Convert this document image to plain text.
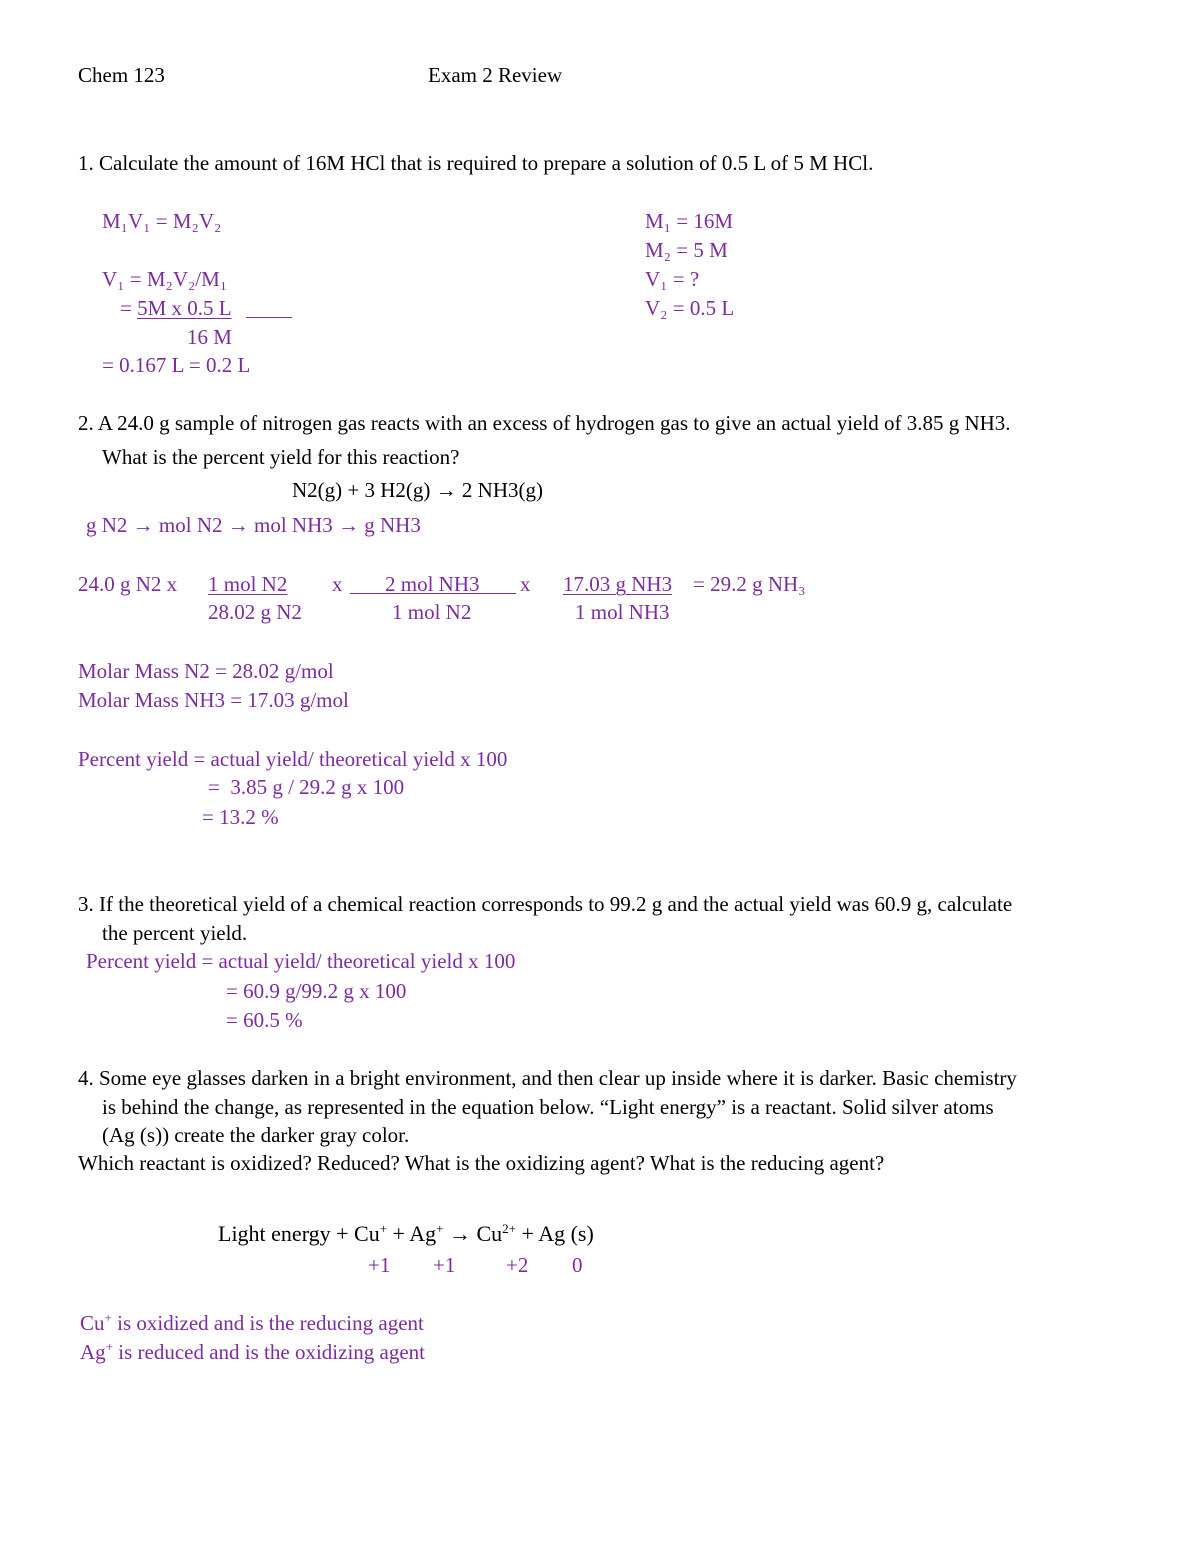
Chem 123	Exam 2 Review
1. Calculate the amount of 16M HCl that is required to prepare a solution of 0.5 L of 5 M HCl.
M₁V₁ = M₂V₂
V₁ = M₂V₂/M₁
= 5M x 0.5 L
16 M
= 0.167 L = 0.2 L
M₁ = 16M
M₂ = 5 M
V₁ = ?
V₂ = 0.5 L
2. A 24.0 g sample of nitrogen gas reacts with an excess of hydrogen gas to give an actual yield of 3.85 g NH3.
What is the percent yield for this reaction?
N2(g) + 3 H2(g) → 2 NH3(g)
g N2 → mol N2 → mol NH3 → g NH3
24.0 g N2 x 1 mol N2
28.02 g N2
x 2 mol NH3
1 mol N2
x 17.03 g NH3
1 mol NH3
= 29.2 g NH₃
Molar Mass N2 = 28.02 g/mol
Molar Mass NH3 = 17.03 g/mol
Percent yield = actual yield/ theoretical yield x 100
=  3.85 g / 29.2 g x 100
= 13.2 %
3. If the theoretical yield of a chemical reaction corresponds to 99.2 g and the actual yield was 60.9 g, calculate
the percent yield.
Percent yield = actual yield/ theoretical yield x 100
= 60.9 g/99.2 g x 100
= 60.5 %
4. Some eye glasses darken in a bright environment, and then clear up inside where it is darker. Basic chemistry
is behind the change, as represented in the equation below. “Light energy” is a reactant. Solid silver atoms
(Ag (s)) create the darker gray color.
Which reactant is oxidized? Reduced? What is the oxidizing agent? What is the reducing agent?
Light energy + $Cu^+ + Ag^+ \to Cu^{2+} + Ag$ (s)
+1 +1 +2 0
Cu+ is oxidized and is the reducing agent
Ag+ is reduced and is the oxidizing agent
